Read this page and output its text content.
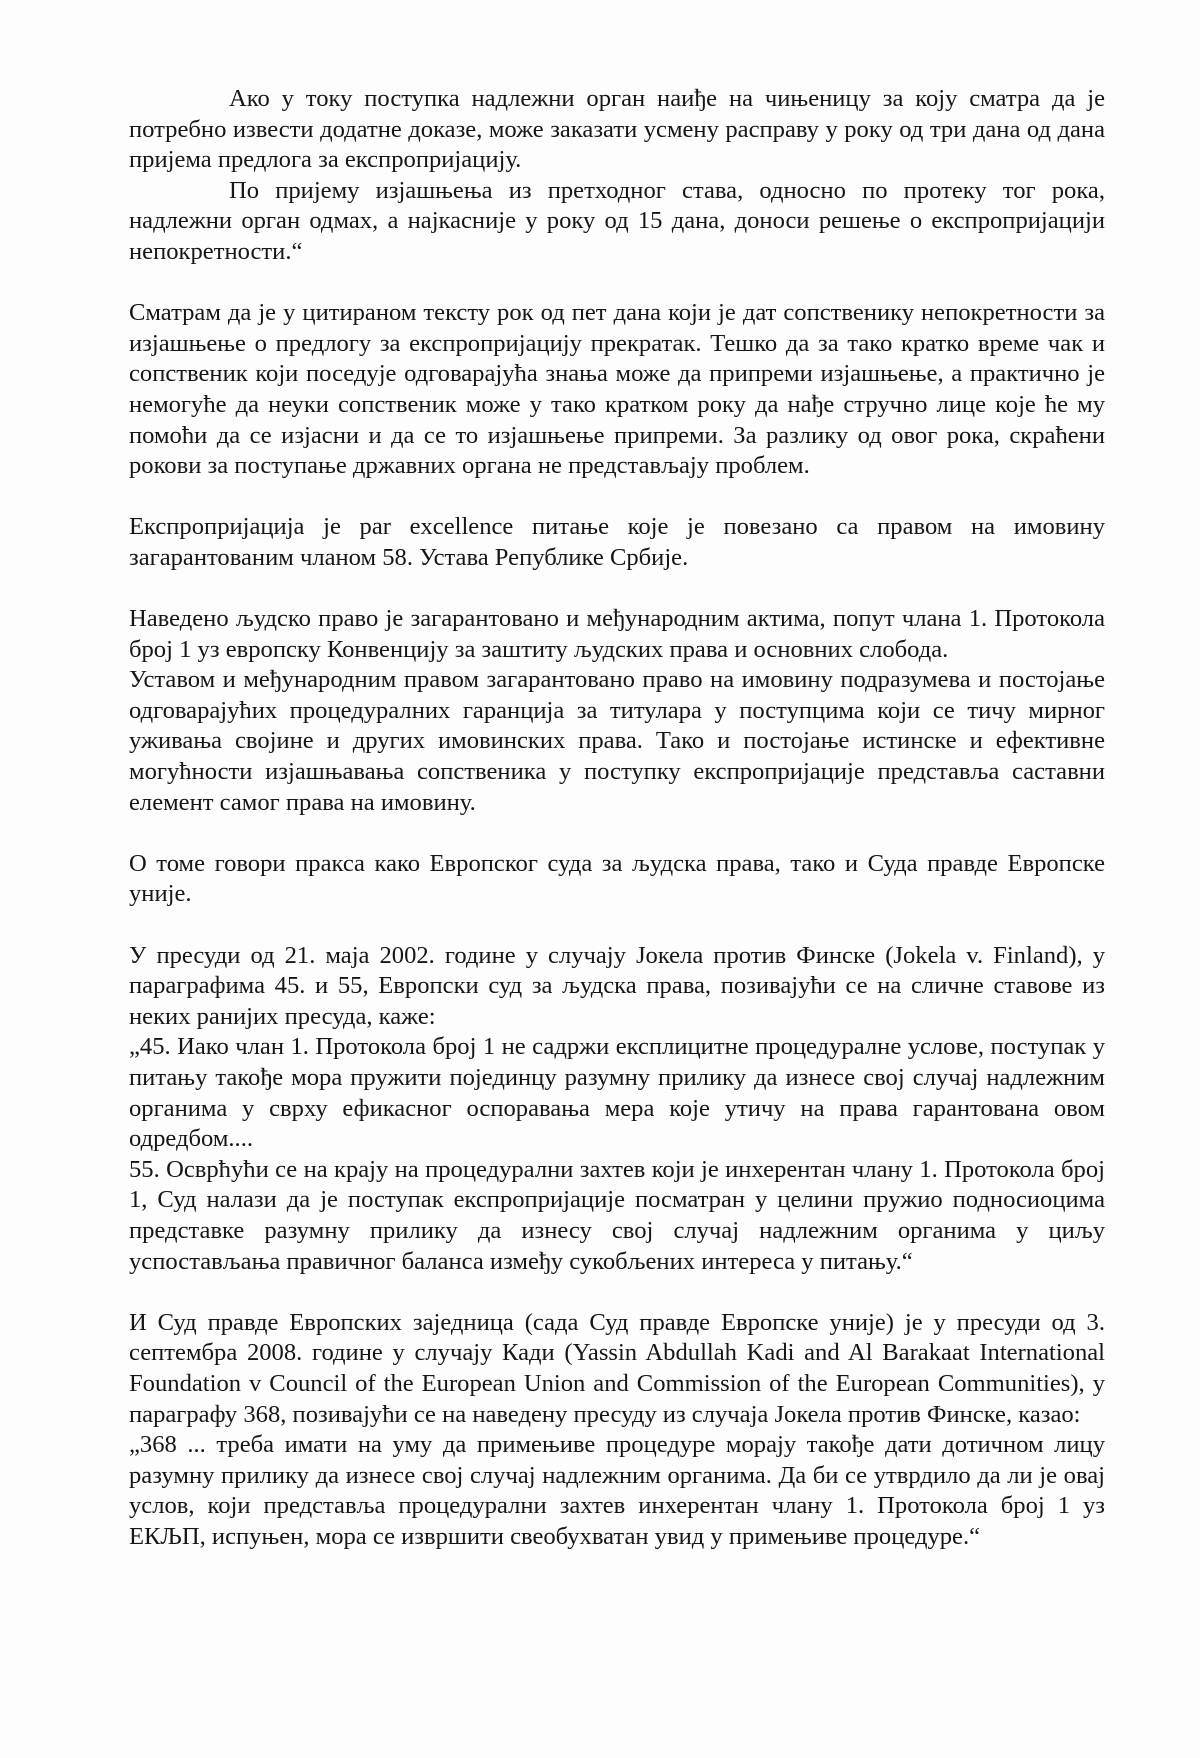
Ако у току поступка надлежни орган наиђе на чињеницу за коју сматра да је потребно извести додатне доказе, може заказати усмену расправу у року од три дана од дана пријема предлога за експропријацију.

По пријему изјашњења из претходног става, односно по протеку тог рока, надлежни орган одмах, а најкасније у року од 15 дана, доноси решење о експропријацији непокретности.“

Сматрам да је у цитираном тексту рок од пет дана који је дат сопственику непокретности за изјашњење о предлогу за експропријацију прекратак. Тешко да за тако кратко време чак и сопственик који поседује одговарајућа знања може да припреми изјашњење, а практично је немогуће да неуки сопственик може у тако кратком року да нађе стручно лице које ће му помоћи да се изјасни и да се то изјашњење припреми. За разлику од овог рока, скраћени рокови за поступање државних органа не представљају проблем.

Експропријација је par excellence питање које је повезано са правом на имовину загарантованим чланом 58. Устава Републике Србије.

Наведено људско право је загарантовано и међународним актима, попут члана 1. Протокола број 1 уз европску Конвенцију за заштиту људских права и основних слобода.

Уставом и међународним правом загарантовано право на имовину подразумева и постојање одговарајућих процедуралних гаранција за титулара у поступцима који се тичу мирног уживања својине и других имовинских права. Тако и постојање истинске и ефективне могућности изјашњавања сопственика у поступку експропријације представља саставни елемент самог права на имовину.

О томе говори пракса како Европског суда за људска права, тако и Суда правде Европске уније.

У пресуди од 21. маја 2002. године у случају Јокела против Финске (Jokela v. Finland), у параграфима 45. и 55, Европски суд за људска права, позивајући се на сличне ставове из неких ранијих пресуда, каже:

„45. Иако члан 1. Протокола број 1 не садржи експлицитне процедуралне услове, поступак у питању такође мора пружити појединцу разумну прилику да изнесе свој случај надлежним органима у сврху ефикасног оспоравања мера које утичу на права гарантована овом одредбом....

55. Осврћући се на крају на процедурални захтев који је инхерентан члану 1. Протокола број 1, Суд налази да је поступак експропријације посматран у целини пружио подносиоцима представке разумну прилику да изнесу свој случај надлежним органима у циљу успостављања правичног баланса између сукобљених интереса у питању.“

И Суд правде Европских заједница (сада Суд правде Европске уније) је у пресуди од 3. септембра 2008. године у случају Кади (Yassin Abdullah Kadi and Al Barakaat International Foundation v Council of the European Union and Commission of the European Communities), у параграфу 368, позивајући се на наведену пресуду из случаја Јокела против Финске, казао:

„368 ... треба имати на уму да примењиве процедуре морају такође дати дотичном лицу разумну прилику да изнесе свој случај надлежним органима. Да би се утврдило да ли је овај услов, који представља процедурални захтев инхерентан члану 1. Протокола број 1 уз ЕКЉП, испуњен, мора се извршити свеобухватан увид у примењиве процедуре.“
